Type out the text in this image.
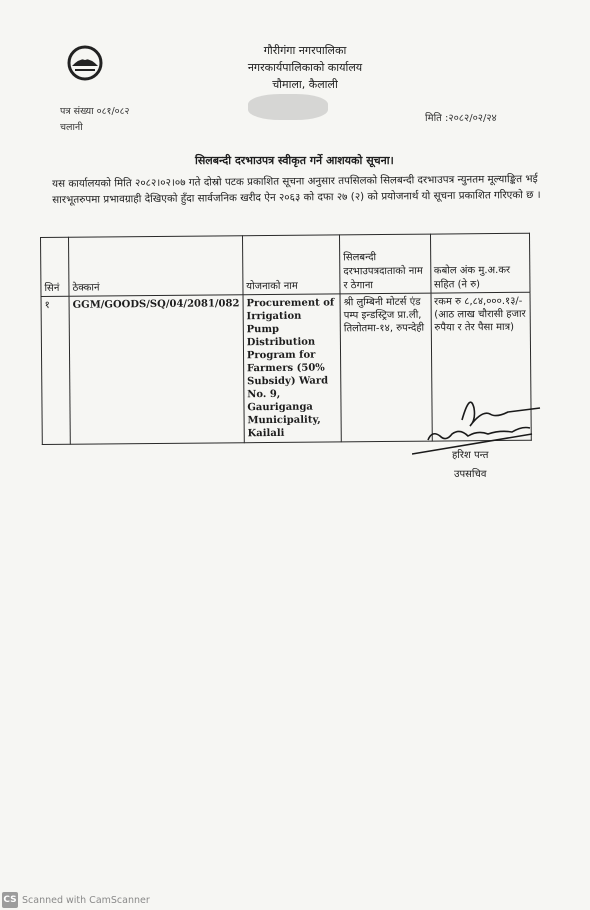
गौरीगंगा नगरपालिका
नगरकार्यपालिकाको कार्यालय
चौमाला, कैलाली
पत्र संख्या ०८१/०८२
चलानी
मिति :२०८२/०२/२४
सिलबन्दी दरभाउपत्र स्वीकृत गर्ने आशयको सूचना।
यस कार्यालयको मिति २०८२।०२।०७ गते दोस्रो पटक प्रकाशित सूचना अनुसार तपसिलको सिलबन्दी दरभाउपत्र न्युनतम मूल्याङ्कित भई सारभूतरुपमा प्रभावग्राही देखिएको हुँदा सार्वजनिक खरीद ऐन २०६३ को दफा २७ (२) को प्रयोजनार्थ यो सूचना प्रकाशित गरिएको छ ।
सिनं	ठेक्कानं	योजनाको नाम	सिलबन्दी दरभाउपत्रदाताको नाम र ठेगाना	कबोल अंक मु.अ.कर सहित (ने रु)
१	GGM/GOODS/SQ/04/2081/082	Procurement of Irrigation Pump Distribution Program for Farmers (50% Subsidy) Ward No. 9, Gauriganga Municipality, Kailali	श्री लुम्बिनी मोटर्स एंड पम्प इन्डस्ट्रिज प्रा.ली, तिलोतमा-१४, रुपन्देही	रकम रु ८,८४,०००.१३/- (आठ लाख चौरासी हजार रुपैया र तेर पैसा मात्र)
हरिश पन्त
उपसचिव
CS Scanned with CamScanner
